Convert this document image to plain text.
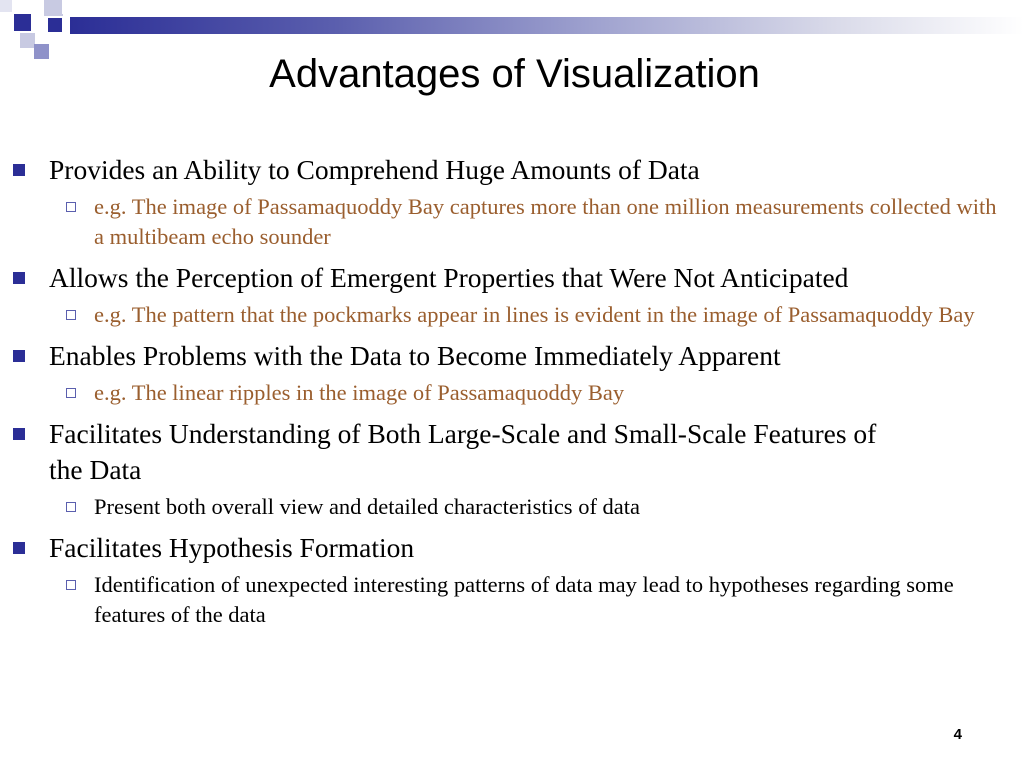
Advantages of Visualization
Provides an Ability to Comprehend Huge Amounts of Data
e.g. The image of Passamaquoddy Bay captures more than one million measurements collected with a multibeam echo sounder
Allows the Perception of Emergent Properties that Were Not Anticipated
e.g. The pattern that the pockmarks appear in lines is evident in the image of Passamaquoddy Bay
Enables Problems with the Data to Become Immediately Apparent
e.g. The linear ripples in the image of Passamaquoddy Bay
Facilitates Understanding of Both Large-Scale and Small-Scale Features of the Data
Present both overall view and detailed characteristics of data
Facilitates Hypothesis Formation
Identification of unexpected interesting patterns of data may lead to hypotheses regarding some features of the data
4
